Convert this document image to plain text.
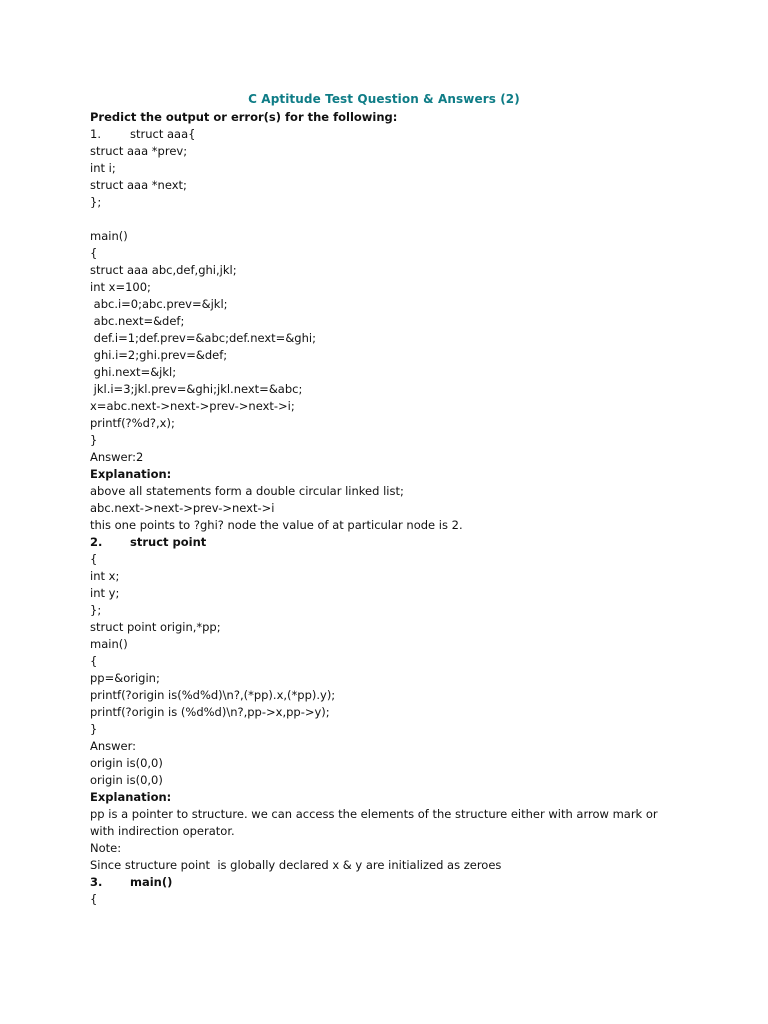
C Aptitude Test Question & Answers (2)
Predict the output or error(s) for the following:
1.	struct aaa{
struct aaa *prev;
int i;
struct aaa *next;
};
main()
{
struct aaa abc,def,ghi,jkl;
int x=100;
abc.i=0;abc.prev=&jkl;
abc.next=&def;
def.i=1;def.prev=&abc;def.next=&ghi;
ghi.i=2;ghi.prev=&def;
ghi.next=&jkl;
jkl.i=3;jkl.prev=&ghi;jkl.next=&abc;
x=abc.next->next->prev->next->i;
printf(?%d?,x);
}
Answer:2
Explanation:
above all statements form a double circular linked list;
abc.next->next->prev->next->i
this one points to ?ghi? node the value of at particular node is 2.
2. struct point
{
int x;
int y;
};
struct point origin,*pp;
main()
{
pp=&origin;
printf(?origin is(%d%d)\n?,(*pp).x,(*pp).y);
printf(?origin is (%d%d)\n?,pp->x,pp->y);
}
Answer:
origin is(0,0)
origin is(0,0)
Explanation:
pp is a pointer to structure. we can access the elements of the structure either with arrow mark or
with indirection operator.
Note:
Since structure point  is globally declared x & y are initialized as zeroes
3. main()
{
